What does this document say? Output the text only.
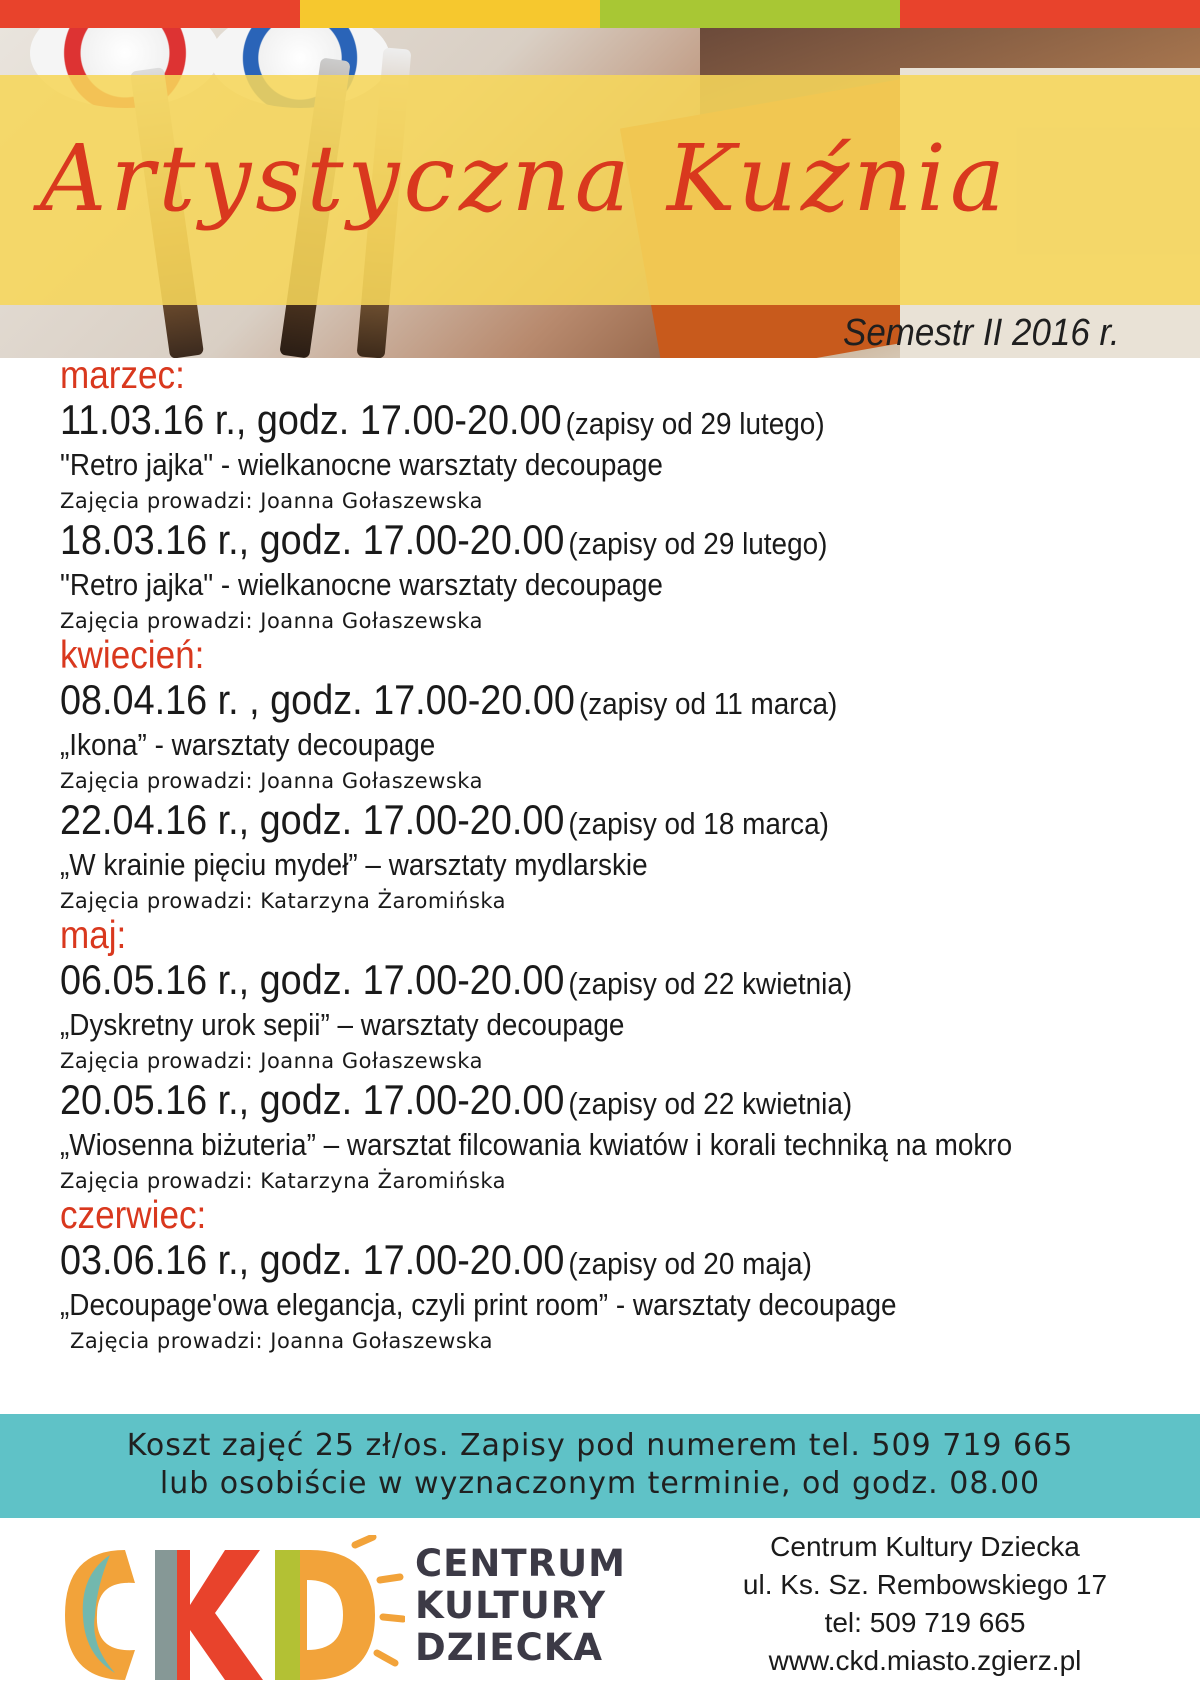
Artystyczna Kuźnia
Semestr II 2016 r.
marzec:
11.03.16 r., godz. 17.00-20.00 (zapisy od 29 lutego)
"Retro jajka" - wielkanocne warsztaty decoupage
Zajęcia prowadzi: Joanna Gołaszewska
18.03.16 r., godz. 17.00-20.00 (zapisy od 29 lutego)
"Retro jajka" - wielkanocne warsztaty decoupage
Zajęcia prowadzi: Joanna Gołaszewska
kwiecień:
08.04.16 r. , godz. 17.00-20.00 (zapisy od 11 marca)
„Ikona” - warsztaty decoupage
Zajęcia prowadzi: Joanna Gołaszewska
22.04.16 r., godz. 17.00-20.00 (zapisy od 18 marca)
„W krainie pięciu mydeł” – warsztaty mydlarskie
Zajęcia prowadzi: Katarzyna Żaromińska
maj:
06.05.16 r., godz. 17.00-20.00 (zapisy od 22 kwietnia)
„Dyskretny urok sepii” – warsztaty decoupage
Zajęcia prowadzi: Joanna Gołaszewska
20.05.16 r., godz. 17.00-20.00 (zapisy od 22 kwietnia)
„Wiosenna biżuteria” – warsztat filcowania kwiatów i korali techniką na mokro
Zajęcia prowadzi: Katarzyna Żaromińska
czerwiec:
03.06.16 r., godz. 17.00-20.00 (zapisy od 20 maja)
„Decoupage'owa elegancja, czyli print room” - warsztaty decoupage
Zajęcia prowadzi: Joanna Gołaszewska
Koszt zajęć 25 zł/os. Zapisy pod numerem tel. 509 719 665
lub osobiście w wyznaczonym terminie, od godz. 08.00
CENTRUM
KULTURY
DZIECKA
Centrum Kultury Dziecka
ul. Ks. Sz. Rembowskiego 17
tel: 509 719 665
www.ckd.miasto.zgierz.pl
